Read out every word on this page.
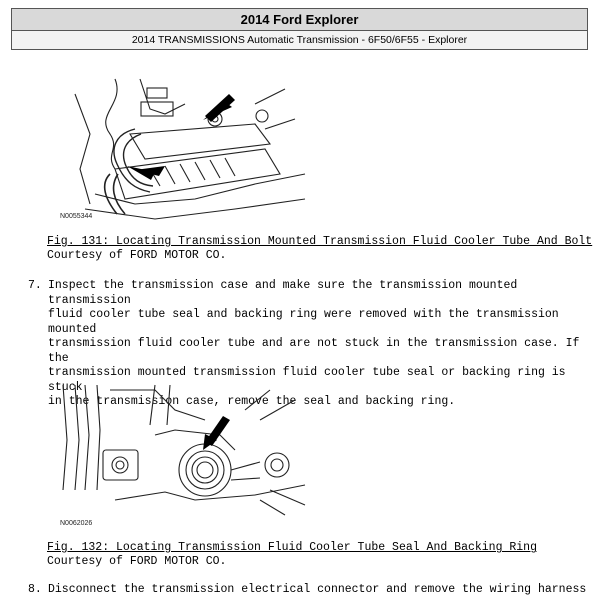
2014 Ford Explorer
2014 TRANSMISSIONS Automatic Transmission - 6F50/6F55 - Explorer
N0055344
Fig. 131: Locating Transmission Mounted Transmission Fluid Cooler Tube And Bolt
Courtesy of FORD MOTOR CO.
7. Inspect the transmission case and make sure the transmission mounted transmission
fluid cooler tube seal and backing ring were removed with the transmission mounted
transmission fluid cooler tube and are not stuck in the transmission case. If the
transmission mounted transmission fluid cooler tube seal or backing ring is stuck
in the transmission case, remove the seal and backing ring.
N0062026
Fig. 132: Locating Transmission Fluid Cooler Tube Seal And Backing Ring
Courtesy of FORD MOTOR CO.
8. Disconnect the transmission electrical connector and remove the wiring harness
